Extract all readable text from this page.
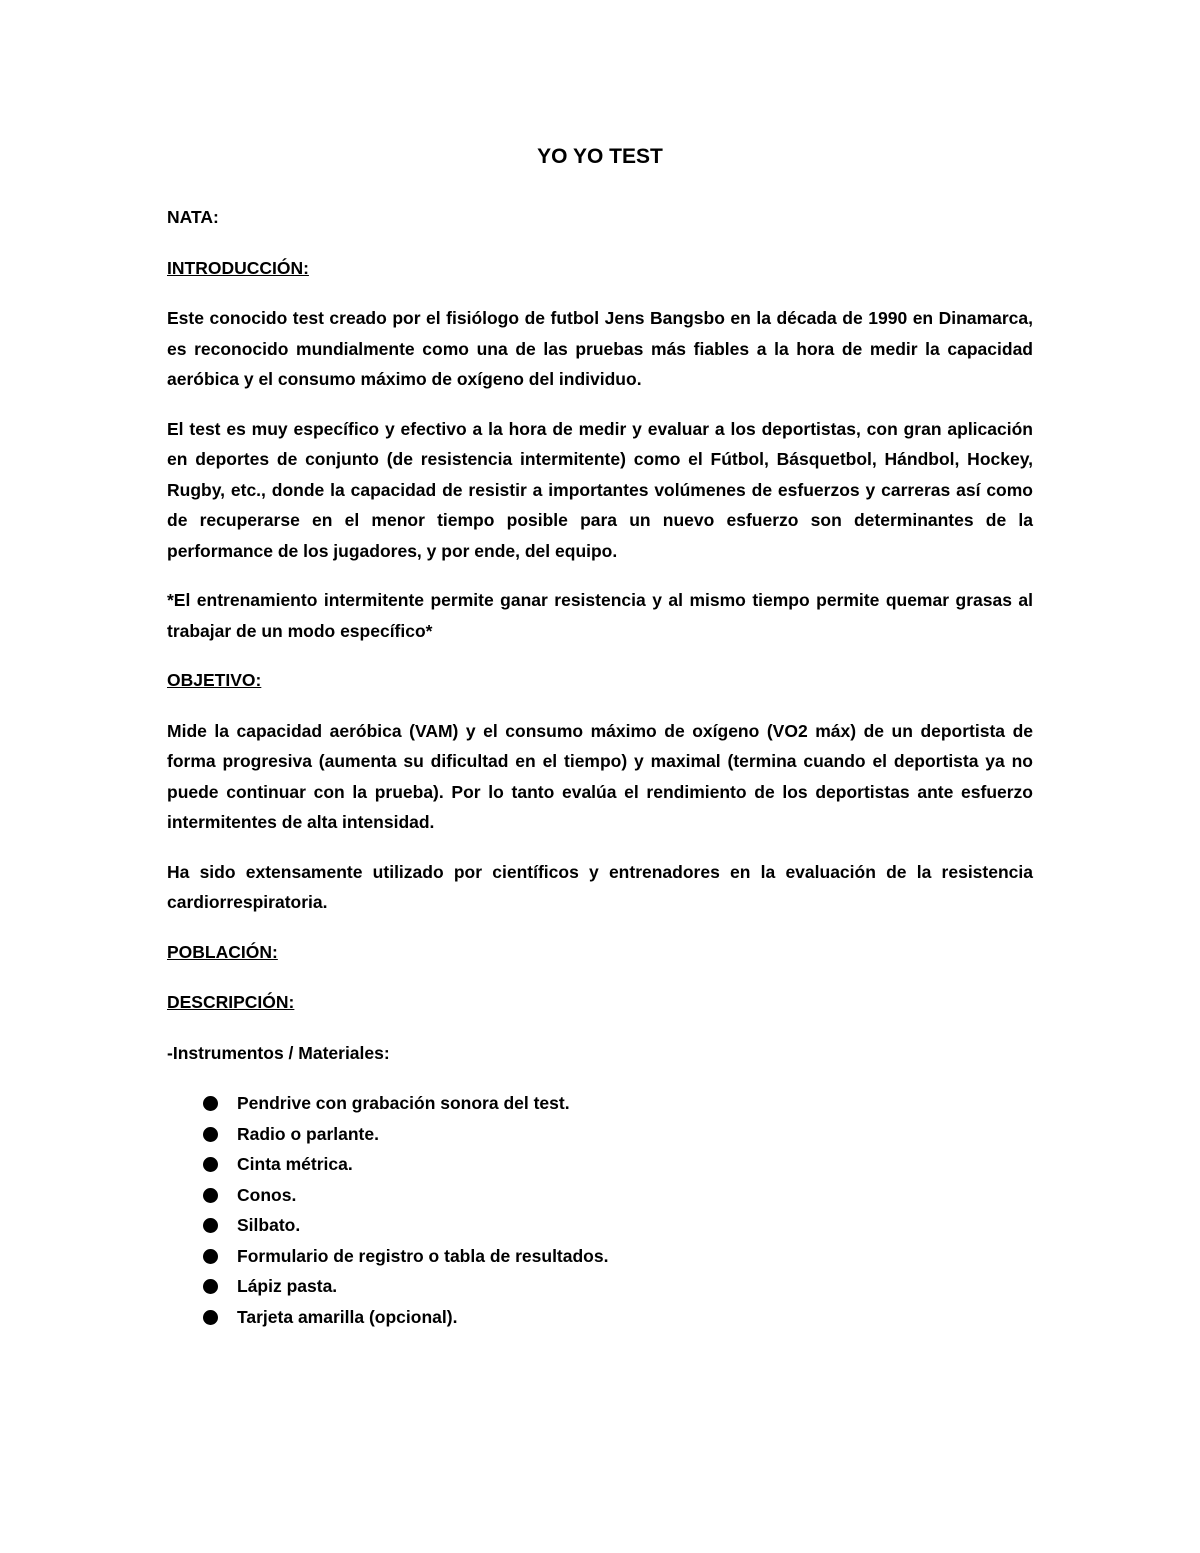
YO YO TEST
NATA:
INTRODUCCIÓN:

Este conocido test creado por el fisiólogo de futbol Jens Bangsbo en la década de 1990 en Dinamarca, es reconocido mundialmente como una de las pruebas más fiables a la hora de medir la capacidad aeróbica y el consumo máximo de oxígeno del individuo.

El test es muy específico y efectivo a la hora de medir y evaluar a los deportistas, con gran aplicación en deportes de conjunto (de resistencia intermitente) como el Fútbol, Básquetbol, Hándbol, Hockey, Rugby, etc., donde la capacidad de resistir a importantes volúmenes de esfuerzos y carreras así como de recuperarse en el menor tiempo posible para un nuevo esfuerzo son determinantes de la performance de los jugadores, y por ende, del equipo.

*El entrenamiento intermitente permite ganar resistencia y al mismo tiempo permite quemar grasas al trabajar de un modo específico*

OBJETIVO:

Mide la capacidad aeróbica (VAM) y el consumo máximo de oxígeno (VO2 máx) de un deportista de forma progresiva (aumenta su dificultad en el tiempo) y maximal (termina cuando el deportista ya no puede continuar con la prueba). Por lo tanto evalúa el rendimiento de los deportistas ante esfuerzo intermitentes de alta intensidad.

Ha sido extensamente utilizado por científicos y entrenadores en la evaluación de la resistencia cardiorrespiratoria.

POBLACIÓN:
DESCRIPCIÓN:
-Instrumentos / Materiales:
Pendrive con grabación sonora del test.
Radio o parlante.
Cinta métrica.
Conos.
Silbato.
Formulario de registro o tabla de resultados.
Lápiz pasta.
Tarjeta amarilla (opcional).
